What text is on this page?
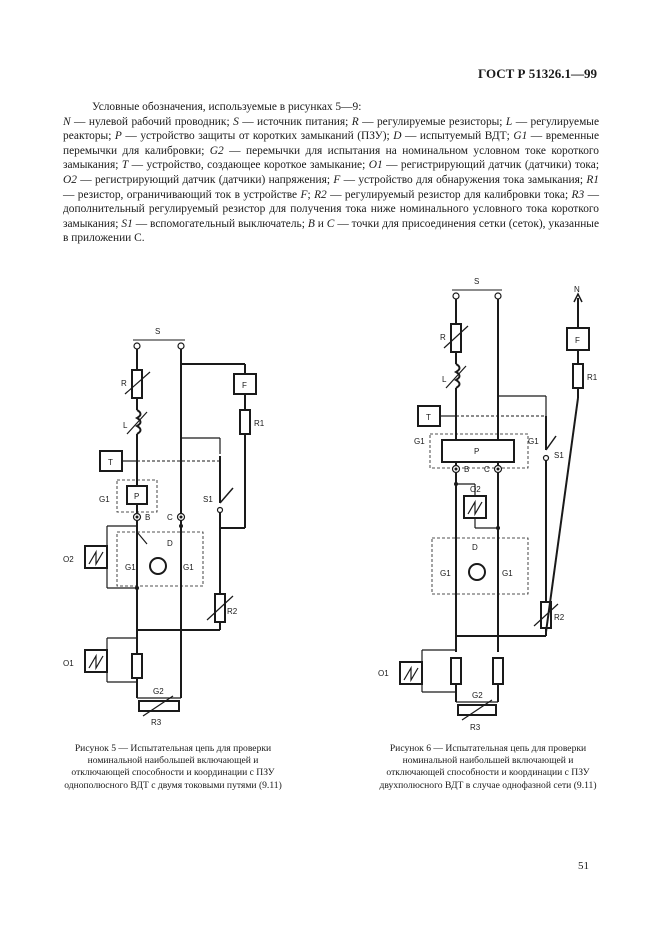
ГОСТ Р 51326.1—99
Условные обозначения, используемые в рисунках 5—9:
N — нулевой рабочий проводник; S — источник питания; R — регулируемые резисторы; L — регулируемые реакторы; P — устройство защиты от коротких замыканий (ПЗУ); D — испытуемый ВДТ; G1 — временные перемычки для калибровки; G2 — перемычки для испытания на номинальном условном токе короткого замыкания; T — устройство, создающее короткое замыкание; O1 — регистрирующий датчик (датчики) тока; O2 — регистрирующий датчик (датчики) напряжения; F — устройство для обнаружения тока замыкания; R1 — резистор, ограничивающий ток в устройстве F; R2 — регулируемый резистор для калибровки тока; R3 — дополнительный регулируемый резистор для получения тока ниже номинального условного тока короткого замыкания; S1 — вспомогательный выключатель; B и C — точки для присоединения сетки (сеток), указанные в приложении С.
S
R
L
T
F
R1
G1	P
B C
S1
O2
D
G1	G1
R2
O1
G2
R3
Рисунок 5 — Испытательная цепь для проверки номинальной наибольшей включающей и отключающей способности и координации с ПЗУ однополюсного ВДТ с двумя токовыми путями (9.11)
S
N
R	F
L	R1
T
G1
P
G1
S1
B C
O2
D
G1	G1
R2
O1
G2
R3
Рисунок 6 — Испытательная цепь для проверки номинальной наибольшей включающей и отключающей способности и координации с ПЗУ двухполюсного ВДТ в случае однофазной сети (9.11)
51
